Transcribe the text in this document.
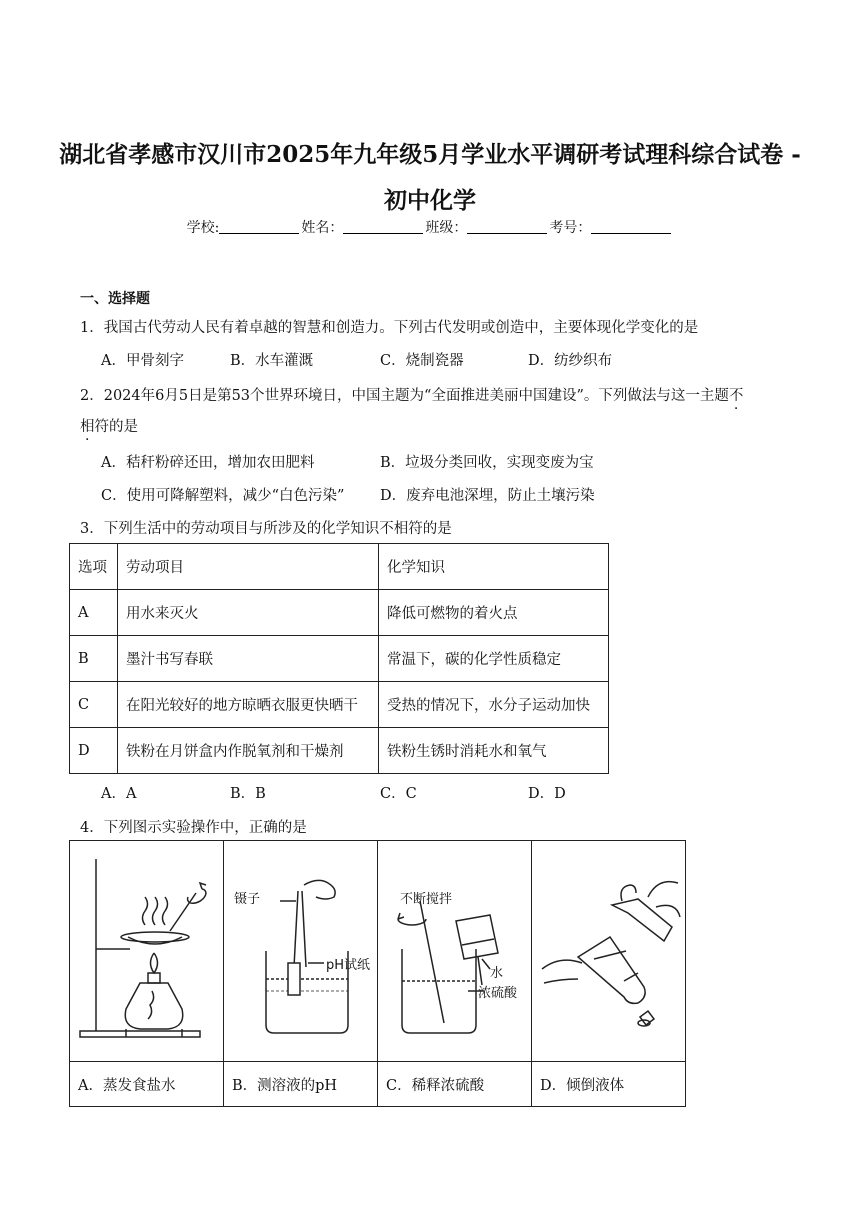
湖北省孝感市汉川市2025年九年级5月学业水平调研考试理科综合试卷 -
初中化学
学校:	姓名：	班级：	考号：
一、选择题
1．我国古代劳动人民有着卓越的智慧和创造力。下列古代发明或创造中，主要体现化学变化的是
A．甲骨刻字	B．水车灌溉	C．烧制瓷器	D．纺纱织布
2．2024年6月5日是第53个世界环境日，中国主题为“全面推进美丽中国建设”。下列做法与这一主题不
相符的是
A．秸秆粉碎还田，增加农田肥料	B．垃圾分类回收，实现变废为宝
C．使用可降解塑料，减少“白色污染” D．废弃电池深埋，防止土壤污染
3．下列生活中的劳动项目与所涉及的化学知识不相符的是
选项	劳动项目	化学知识
A	用水来灭火	降低可燃物的着火点
B	墨汁书写春联	常温下，碳的化学性质稳定
C	在阳光较好的地方晾晒衣服更快晒干	受热的情况下，水分子运动加快
D	铁粉在月饼盒内作脱氧剂和干燥剂	铁粉生锈时消耗水和氧气
A．A	B．B	C．C	D．D
4．下列图示实验操作中，正确的是

镊子
pH试纸	不断搅拌
水
浓硫酸

A．蒸发食盐水	B．测溶液的pH	C．稀释浓硫酸	D．倾倒液体
